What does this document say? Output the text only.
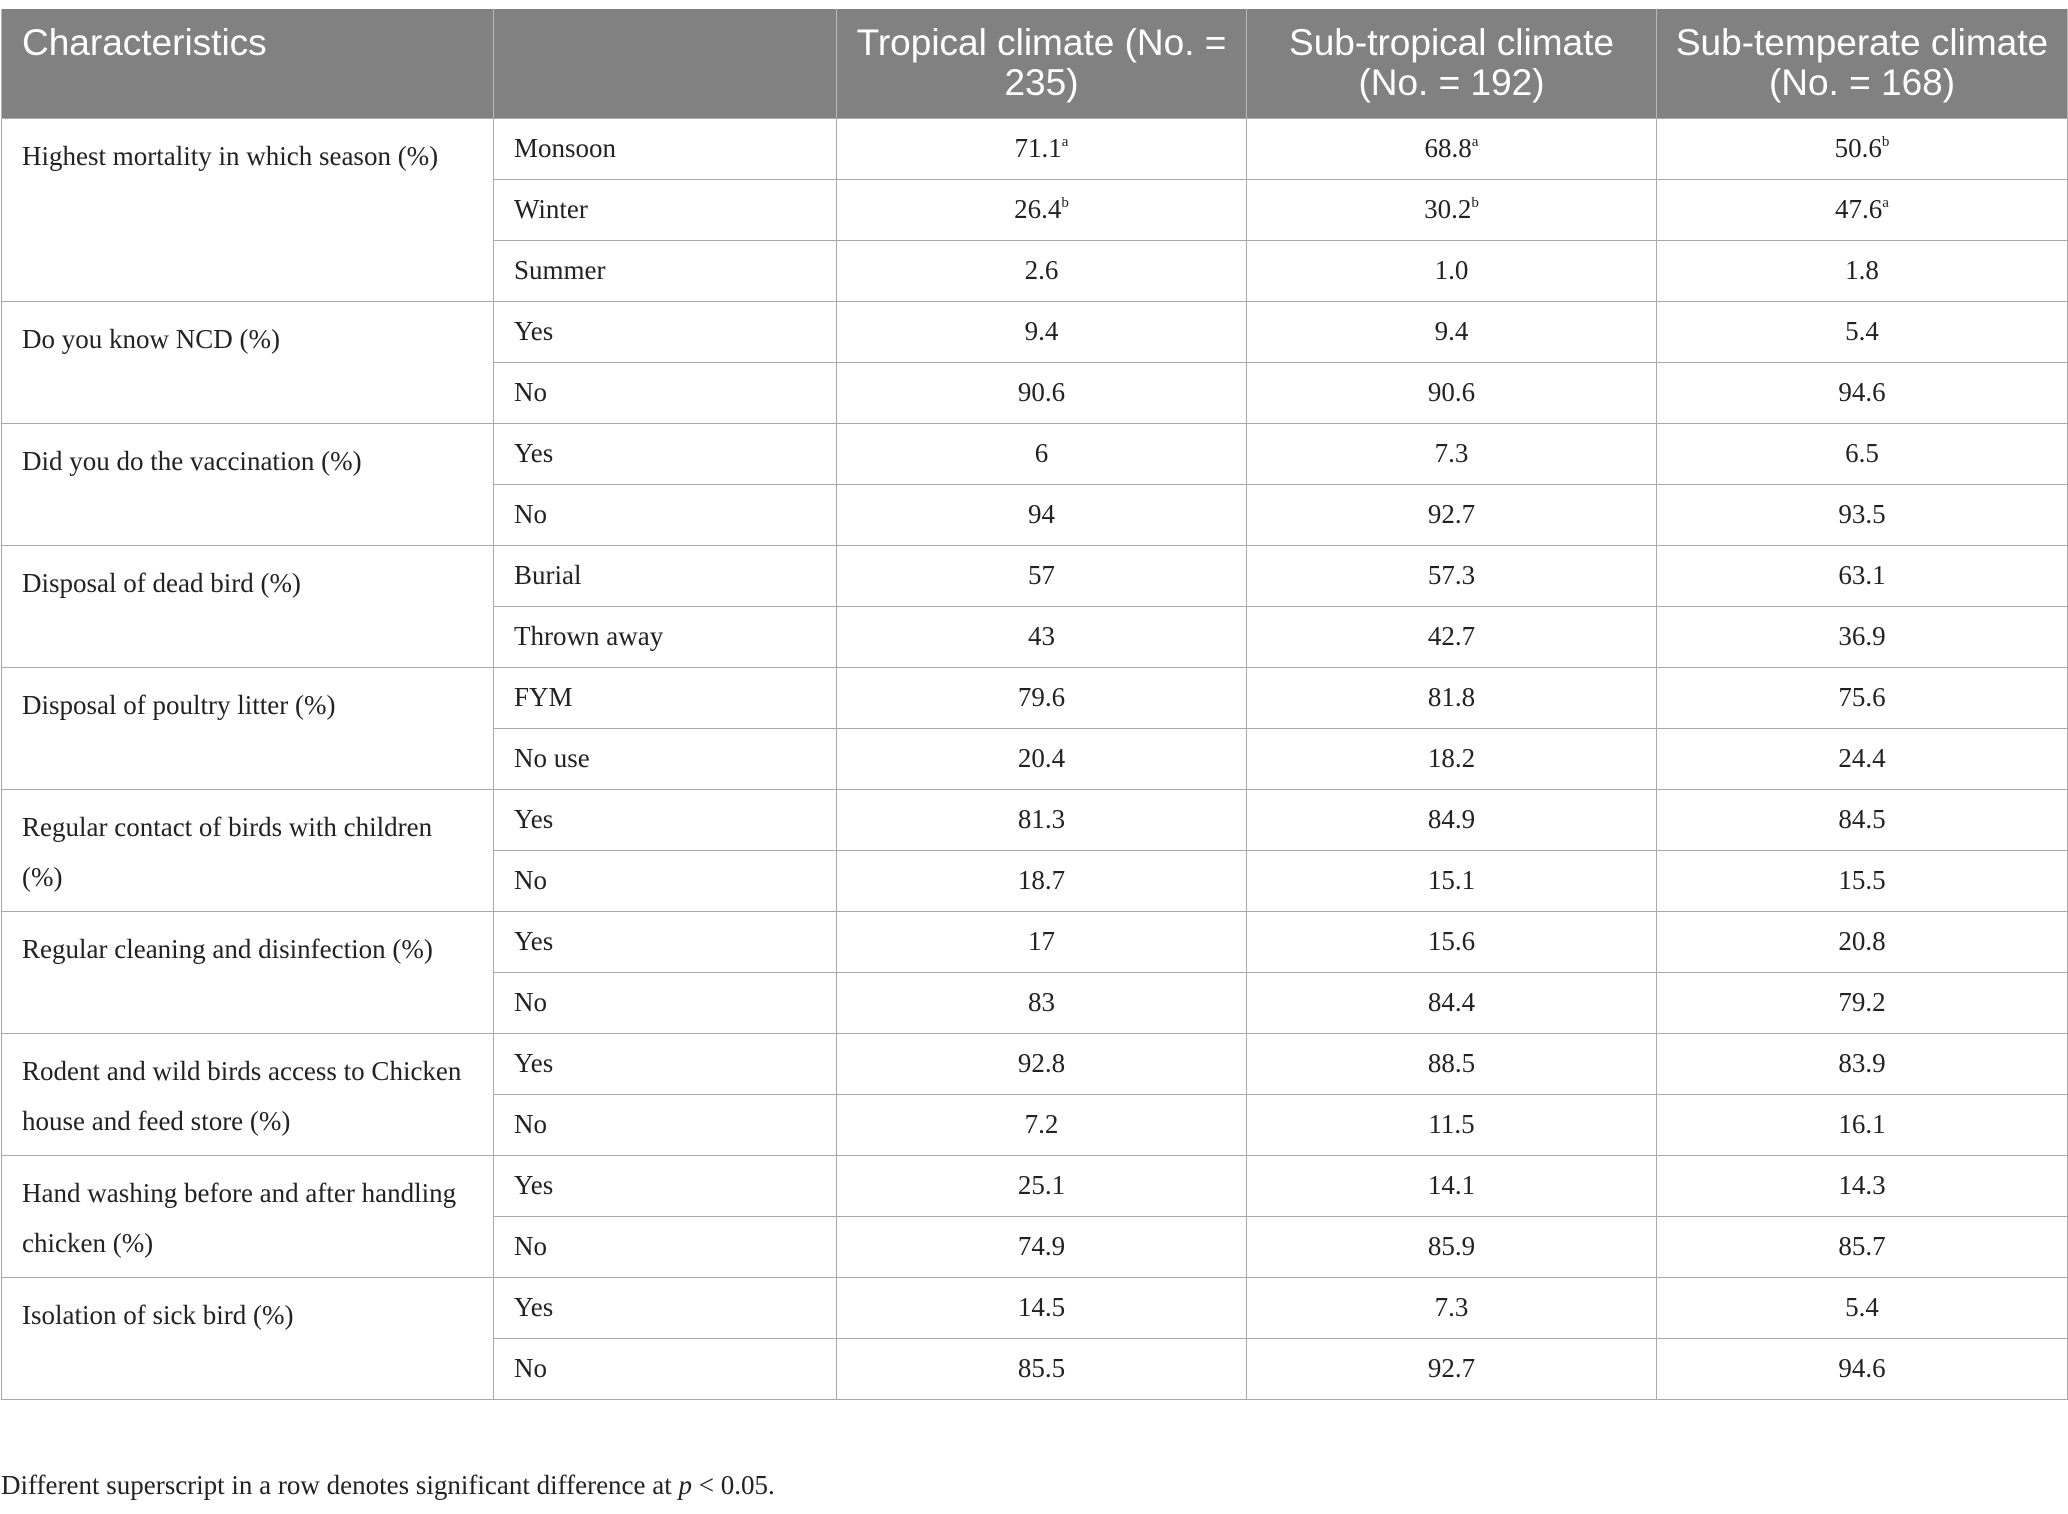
Characteristics		Tropical climate (No. = 235)	Sub-tropical climate (No. = 192)	Sub-temperate climate (No. = 168)
Highest mortality in which season (%)	Monsoon	71.1$^a$	68.8$^a$	50.6$^b$
	Winter	26.4$^b$	30.2$^b$	47.6$^a$
	Summer	2.6	1.0	1.8
Do you know NCD (%)	Yes	9.4	9.4	5.4
	No	90.6	90.6	94.6
Did you do the vaccination (%)	Yes	6	7.3	6.5
	No	94	92.7	93.5
Disposal of dead bird (%)	Burial	57	57.3	63.1
	Thrown away	43	42.7	36.9
Disposal of poultry litter (%)	FYM	79.6	81.8	75.6
	No use	20.4	18.2	24.4
Regular contact of birds with children (%)	Yes	81.3	84.9	84.5
	No	18.7	15.1	15.5
Regular cleaning and disinfection (%)	Yes	17	15.6	20.8
	No	83	84.4	79.2
Rodent and wild birds access to Chicken house and feed store (%)	Yes	92.8	88.5	83.9
	No	7.2	11.5	16.1
Hand washing before and after handling chicken (%)	Yes	25.1	14.1	14.3
	No	74.9	85.9	85.7
Isolation of sick bird (%)	Yes	14.5	7.3	5.4
	No	85.5	92.7	94.6
Different superscript in a row denotes significant difference at p < 0.05.
